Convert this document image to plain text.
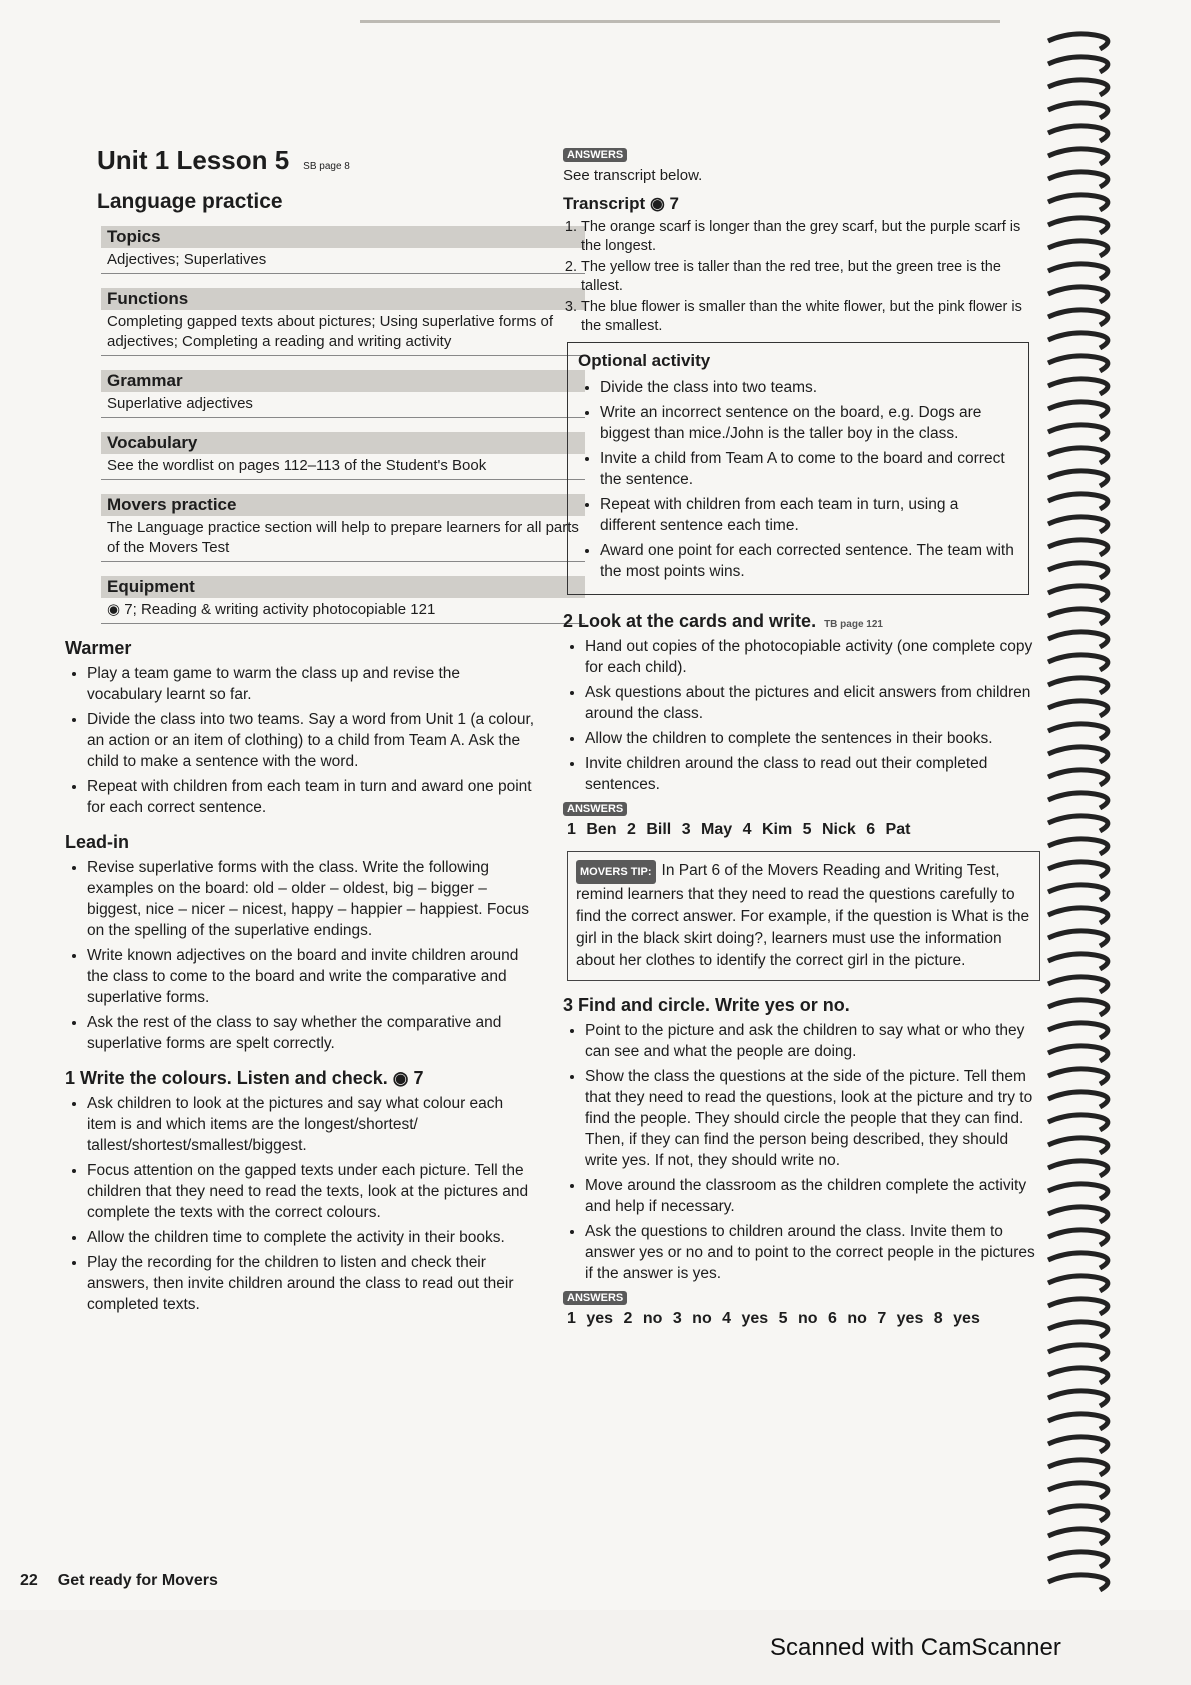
Unit 1 Lesson 5 SB page 8
Language practice
Topics
Adjectives; Superlatives
Functions
Completing gapped texts about pictures; Using superlative forms of adjectives; Completing a reading and writing activity
Grammar
Superlative adjectives
Vocabulary
See the wordlist on pages 112–113 of the Student's Book
Movers practice
The Language practice section will help to prepare learners for all parts of the Movers Test
Equipment
◉ 7; Reading & writing activity photocopiable 121
Warmer
• Play a team game to warm the class up and revise the vocabulary learnt so far.
• Divide the class into two teams. Say a word from Unit 1 (a colour, an action or an item of clothing) to a child from Team A. Ask the child to make a sentence with the word.
• Repeat with children from each team in turn and award one point for each correct sentence.
Lead-in
• Revise superlative forms with the class. Write the following examples on the board: old – older – oldest, big – bigger – biggest, nice – nicer – nicest, happy – happier – happiest. Focus on the spelling of the superlative endings.
• Write known adjectives on the board and invite children around the class to come to the board and write the comparative and superlative forms.
• Ask the rest of the class to say whether the comparative and superlative forms are spelt correctly.
1 Write the colours. Listen and check. ◉ 7
• Ask children to look at the pictures and say what colour each item is and which items are the longest/shortest/ tallest/shortest/smallest/biggest.
• Focus attention on the gapped texts under each picture. Tell the children that they need to read the texts, look at the pictures and complete the texts with the correct colours.
• Allow the children time to complete the activity in their books.
• Play the recording for the children to listen and check their answers, then invite children around the class to read out their completed texts.
ANSWERS
See transcript below.
Transcript ◉ 7
1. The orange scarf is longer than the grey scarf, but the purple scarf is the longest.
2. The yellow tree is taller than the red tree, but the green tree is the tallest.
3. The blue flower is smaller than the white flower, but the pink flower is the smallest.
Optional activity
• Divide the class into two teams.
• Write an incorrect sentence on the board, e.g. Dogs are biggest than mice./John is the taller boy in the class.
• Invite a child from Team A to come to the board and correct the sentence.
• Repeat with children from each team in turn, using a different sentence each time.
• Award one point for each corrected sentence. The team with the most points wins.
2 Look at the cards and write. TB page 121
• Hand out copies of the photocopiable activity (one complete copy for each child).
• Ask questions about the pictures and elicit answers from children around the class.
• Allow the children to complete the sentences in their books.
• Invite children around the class to read out their completed sentences.
ANSWERS
1 Ben 2 Bill 3 May 4 Kim 5 Nick 6 Pat
MOVERS TIP: In Part 6 of the Movers Reading and Writing Test, remind learners that they need to read the questions carefully to find the correct answer. For example, if the question is What is the girl in the black skirt doing?, learners must use the information about her clothes to identify the correct girl in the picture.
3 Find and circle. Write yes or no.
• Point to the picture and ask the children to say what or who they can see and what the people are doing.
• Show the class the questions at the side of the picture. Tell them that they need to read the questions, look at the picture and try to find the people. They should circle the people that they can find. Then, if they can find the person being described, they should write yes. If not, they should write no.
• Move around the classroom as the children complete the activity and help if necessary.
• Ask the questions to children around the class. Invite them to answer yes or no and to point to the correct people in the pictures if the answer is yes.
ANSWERS
1 yes 2 no 3 no 4 yes 5 no 6 no 7 yes 8 yes
22 Get ready for Movers
Scanned with CamScanner
